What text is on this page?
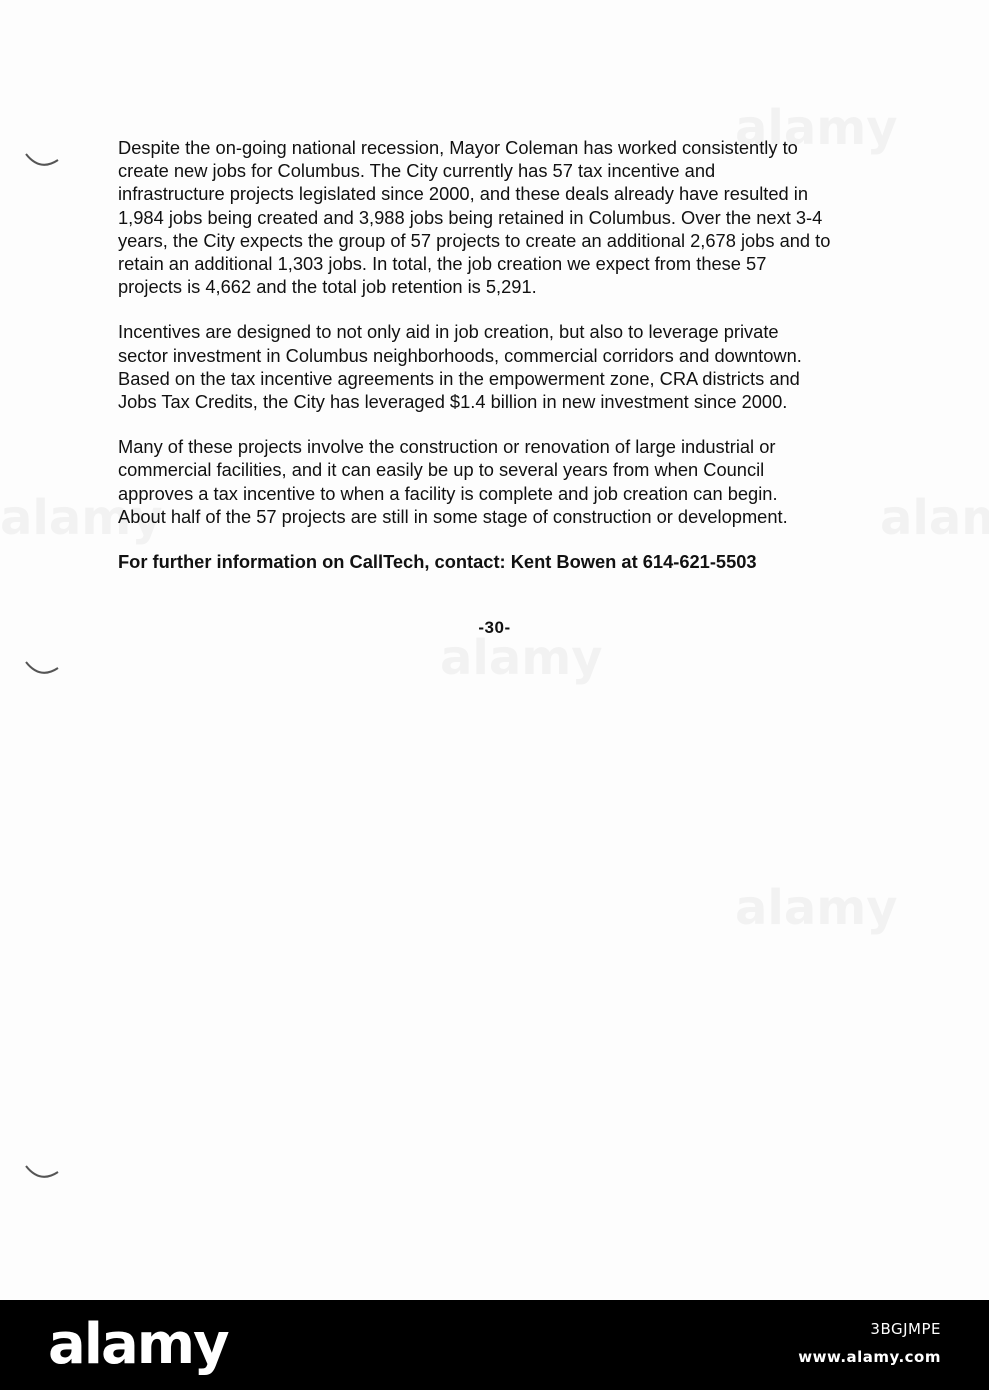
Despite the on-going national recession, Mayor Coleman has worked consistently to
create new jobs for Columbus. The City currently has 57 tax incentive and
infrastructure projects legislated since 2000, and these deals already have resulted in
1,984 jobs being created and 3,988 jobs being retained in Columbus. Over the next 3-4
years, the City expects the group of 57 projects to create an additional 2,678 jobs and to
retain an additional 1,303 jobs. In total, the job creation we expect from these 57
projects is 4,662 and the total job retention is 5,291.

Incentives are designed to not only aid in job creation, but also to leverage private
sector investment in Columbus neighborhoods, commercial corridors and downtown.
Based on the tax incentive agreements in the empowerment zone, CRA districts and
Jobs Tax Credits, the City has leveraged $1.4 billion in new investment since 2000.

Many of these projects involve the construction or renovation of large industrial or
commercial facilities, and it can easily be up to several years from when Council
approves a tax incentive to when a facility is complete and job creation can begin.
About half of the 57 projects are still in some stage of construction or development.

For further information on CallTech, contact: Kent Bowen at 614-621-5503

-30-
alamy	3BGJMPE
www.alamy.com
